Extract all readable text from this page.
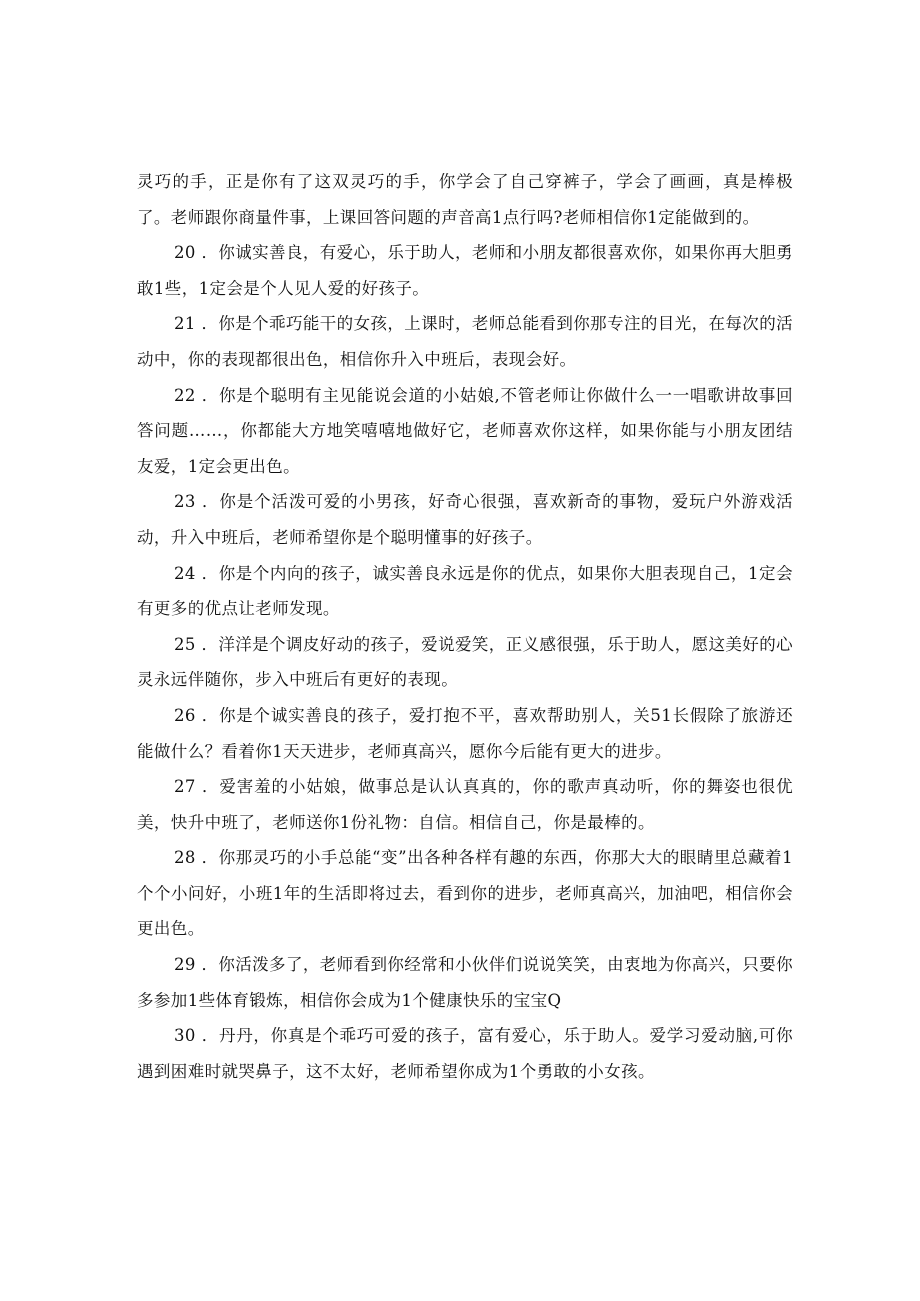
灵巧的手，正是你有了这双灵巧的手，你学会了自己穿裤子，学会了画画，真是棒极了。老师跟你商量件事，上课回答问题的声音高1点行吗?老师相信你1定能做到的。

20 ．你诚实善良，有爱心，乐于助人，老师和小朋友都很喜欢你，如果你再大胆勇敢1些，1定会是个人见人爱的好孩子。

21 ．你是个乖巧能干的女孩，上课时，老师总能看到你那专注的目光，在每次的活动中，你的表现都很出色，相信你升入中班后，表现会好。

22 ．你是个聪明有主见能说会道的小姑娘,不管老师让你做什么一一唱歌讲故事回答问题……，你都能大方地笑嘻嘻地做好它，老师喜欢你这样，如果你能与小朋友团结友爱，1定会更出色。

23 ．你是个活泼可爱的小男孩，好奇心很强，喜欢新奇的事物，爱玩户外游戏活动，升入中班后，老师希望你是个聪明懂事的好孩子。

24 ．你是个内向的孩子，诚实善良永远是你的优点，如果你大胆表现自己，1定会有更多的优点让老师发现。

25 ．洋洋是个调皮好动的孩子，爱说爱笑，正义感很强，乐于助人，愿这美好的心灵永远伴随你，步入中班后有更好的表现。

26 ．你是个诚实善良的孩子，爱打抱不平，喜欢帮助别人，关51长假除了旅游还能做什么？看着你1天天进步，老师真高兴，愿你今后能有更大的进步。

27 ．爱害羞的小姑娘，做事总是认认真真的，你的歌声真动听，你的舞姿也很优美，快升中班了，老师送你1份礼物：自信。相信自己，你是最棒的。

28 ．你那灵巧的小手总能“变”出各种各样有趣的东西，你那大大的眼睛里总藏着1个个小问好，小班1年的生活即将过去，看到你的进步，老师真高兴，加油吧，相信你会更出色。

29 ．你活泼多了，老师看到你经常和小伙伴们说说笑笑，由衷地为你高兴，只要你多参加1些体育锻炼，相信你会成为1个健康快乐的宝宝Q

30 ．丹丹，你真是个乖巧可爱的孩子，富有爱心，乐于助人。爱学习爱动脑,可你遇到困难时就哭鼻子，这不太好，老师希望你成为1个勇敢的小女孩。
